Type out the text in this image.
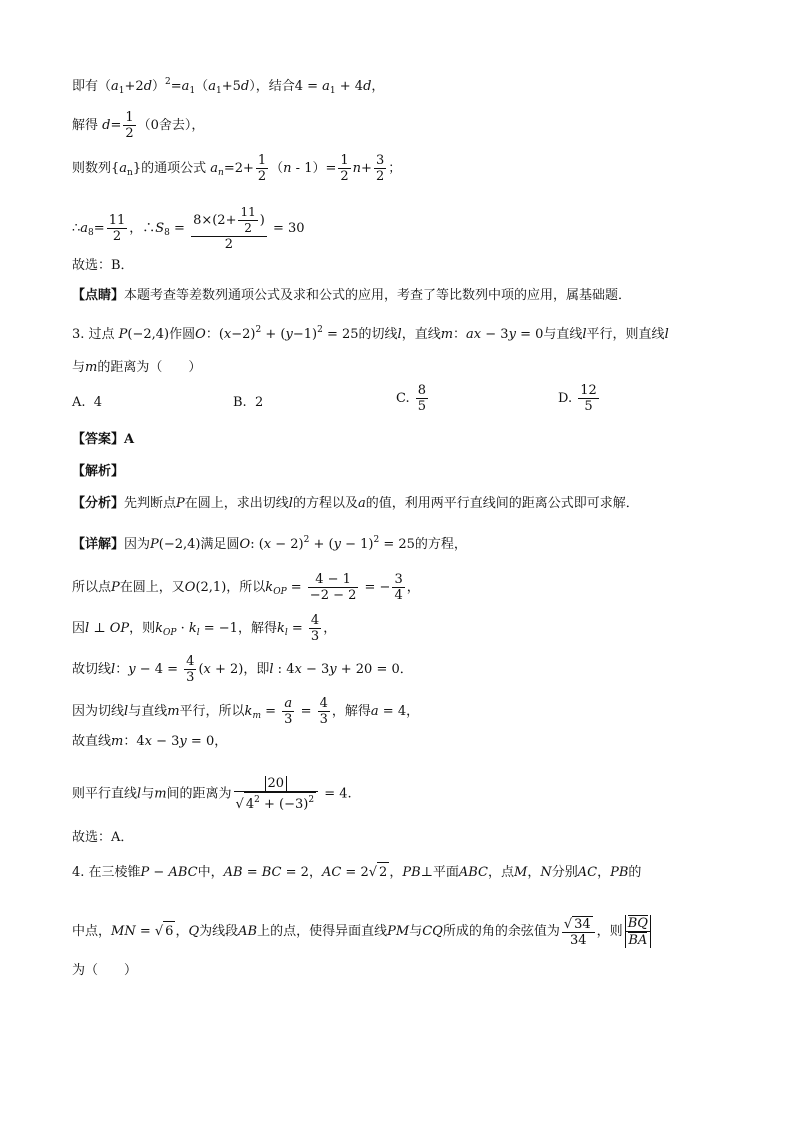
即有$(a_1+2d)^2=a_1(a_1+5d)$，结合$4 = a_1 + 4d$，
解得 $d= \frac{1}{2} (0$舍去），
则数列$\{a_n\}$的通项公式 $a_n=2+ \frac{1}{2} (n - 1)= \frac{1}{2} n+ \frac{3}{2}$ ；
$\therefore a_8= \frac{11}{2}$ ，$\therefore S_8 = \frac{8\times(2+ \frac{11}{2} )}{2} = 30$
故选：B．
【点睛】本题考查等差数列通项公式及求和公式的应用，考查了等比数列中项的应用，属基础题．
3. 过点 P(−2,4)作圆O：$(x-2)^2 + (y-1)^2 = 25$的切线l，直线m：ax − 3y = 0与直线l平行，则直线l
与m的距离为（　　）
A. 4	B. 2	C. $\frac{8}{5}$	D. $\frac{12}{5}$
【答案】A
【解析】
【分析】先判断点P在圆上，求出切线l的方程以及a的值，利用两平行直线间的距离公式即可求解．
【详解】因为P(−2,4)满足圆O: $(x - 2)^2 + (y - 1)^2 = 25$的方程，
所以点P在圆上，又O(2,1)，所以$k_{OP} = \frac{4 - 1}{-2 - 2}$ = − $\frac{3}{4}$ ，
因l ⊥ OP，则$k_{OP} \cdot k_l = -1$，解得$k_l = \frac{4}{3}$ ，
故切线l：$y - 4 = \frac{4}{3} (x + 2)$，即l : 4x − 3y + 20 = 0．
因为切线l与直线m平行，所以$k_m = \frac{a}{3} = \frac{4}{3}$ ，解得a = 4，
故直线m：4x − 3y = 0，
则平行直线l与m间的距离为 $\frac{20}{√ 4^2 + (-3)^2} = 4$.
故选：A．
4. 在三棱锥P − ABC中，AB = BC = 2，AC = 2√ 2 ，PB⊥平面ABC，点M，N分别AC，PB的
中点，MN = √ 6 ，Q为线段AB上的点，使得异面直线PM与CQ所成的角的余弦值为 $\frac{√ 34}{34}$ ，则 $\frac{BQ}{BA}$
为（　　）
